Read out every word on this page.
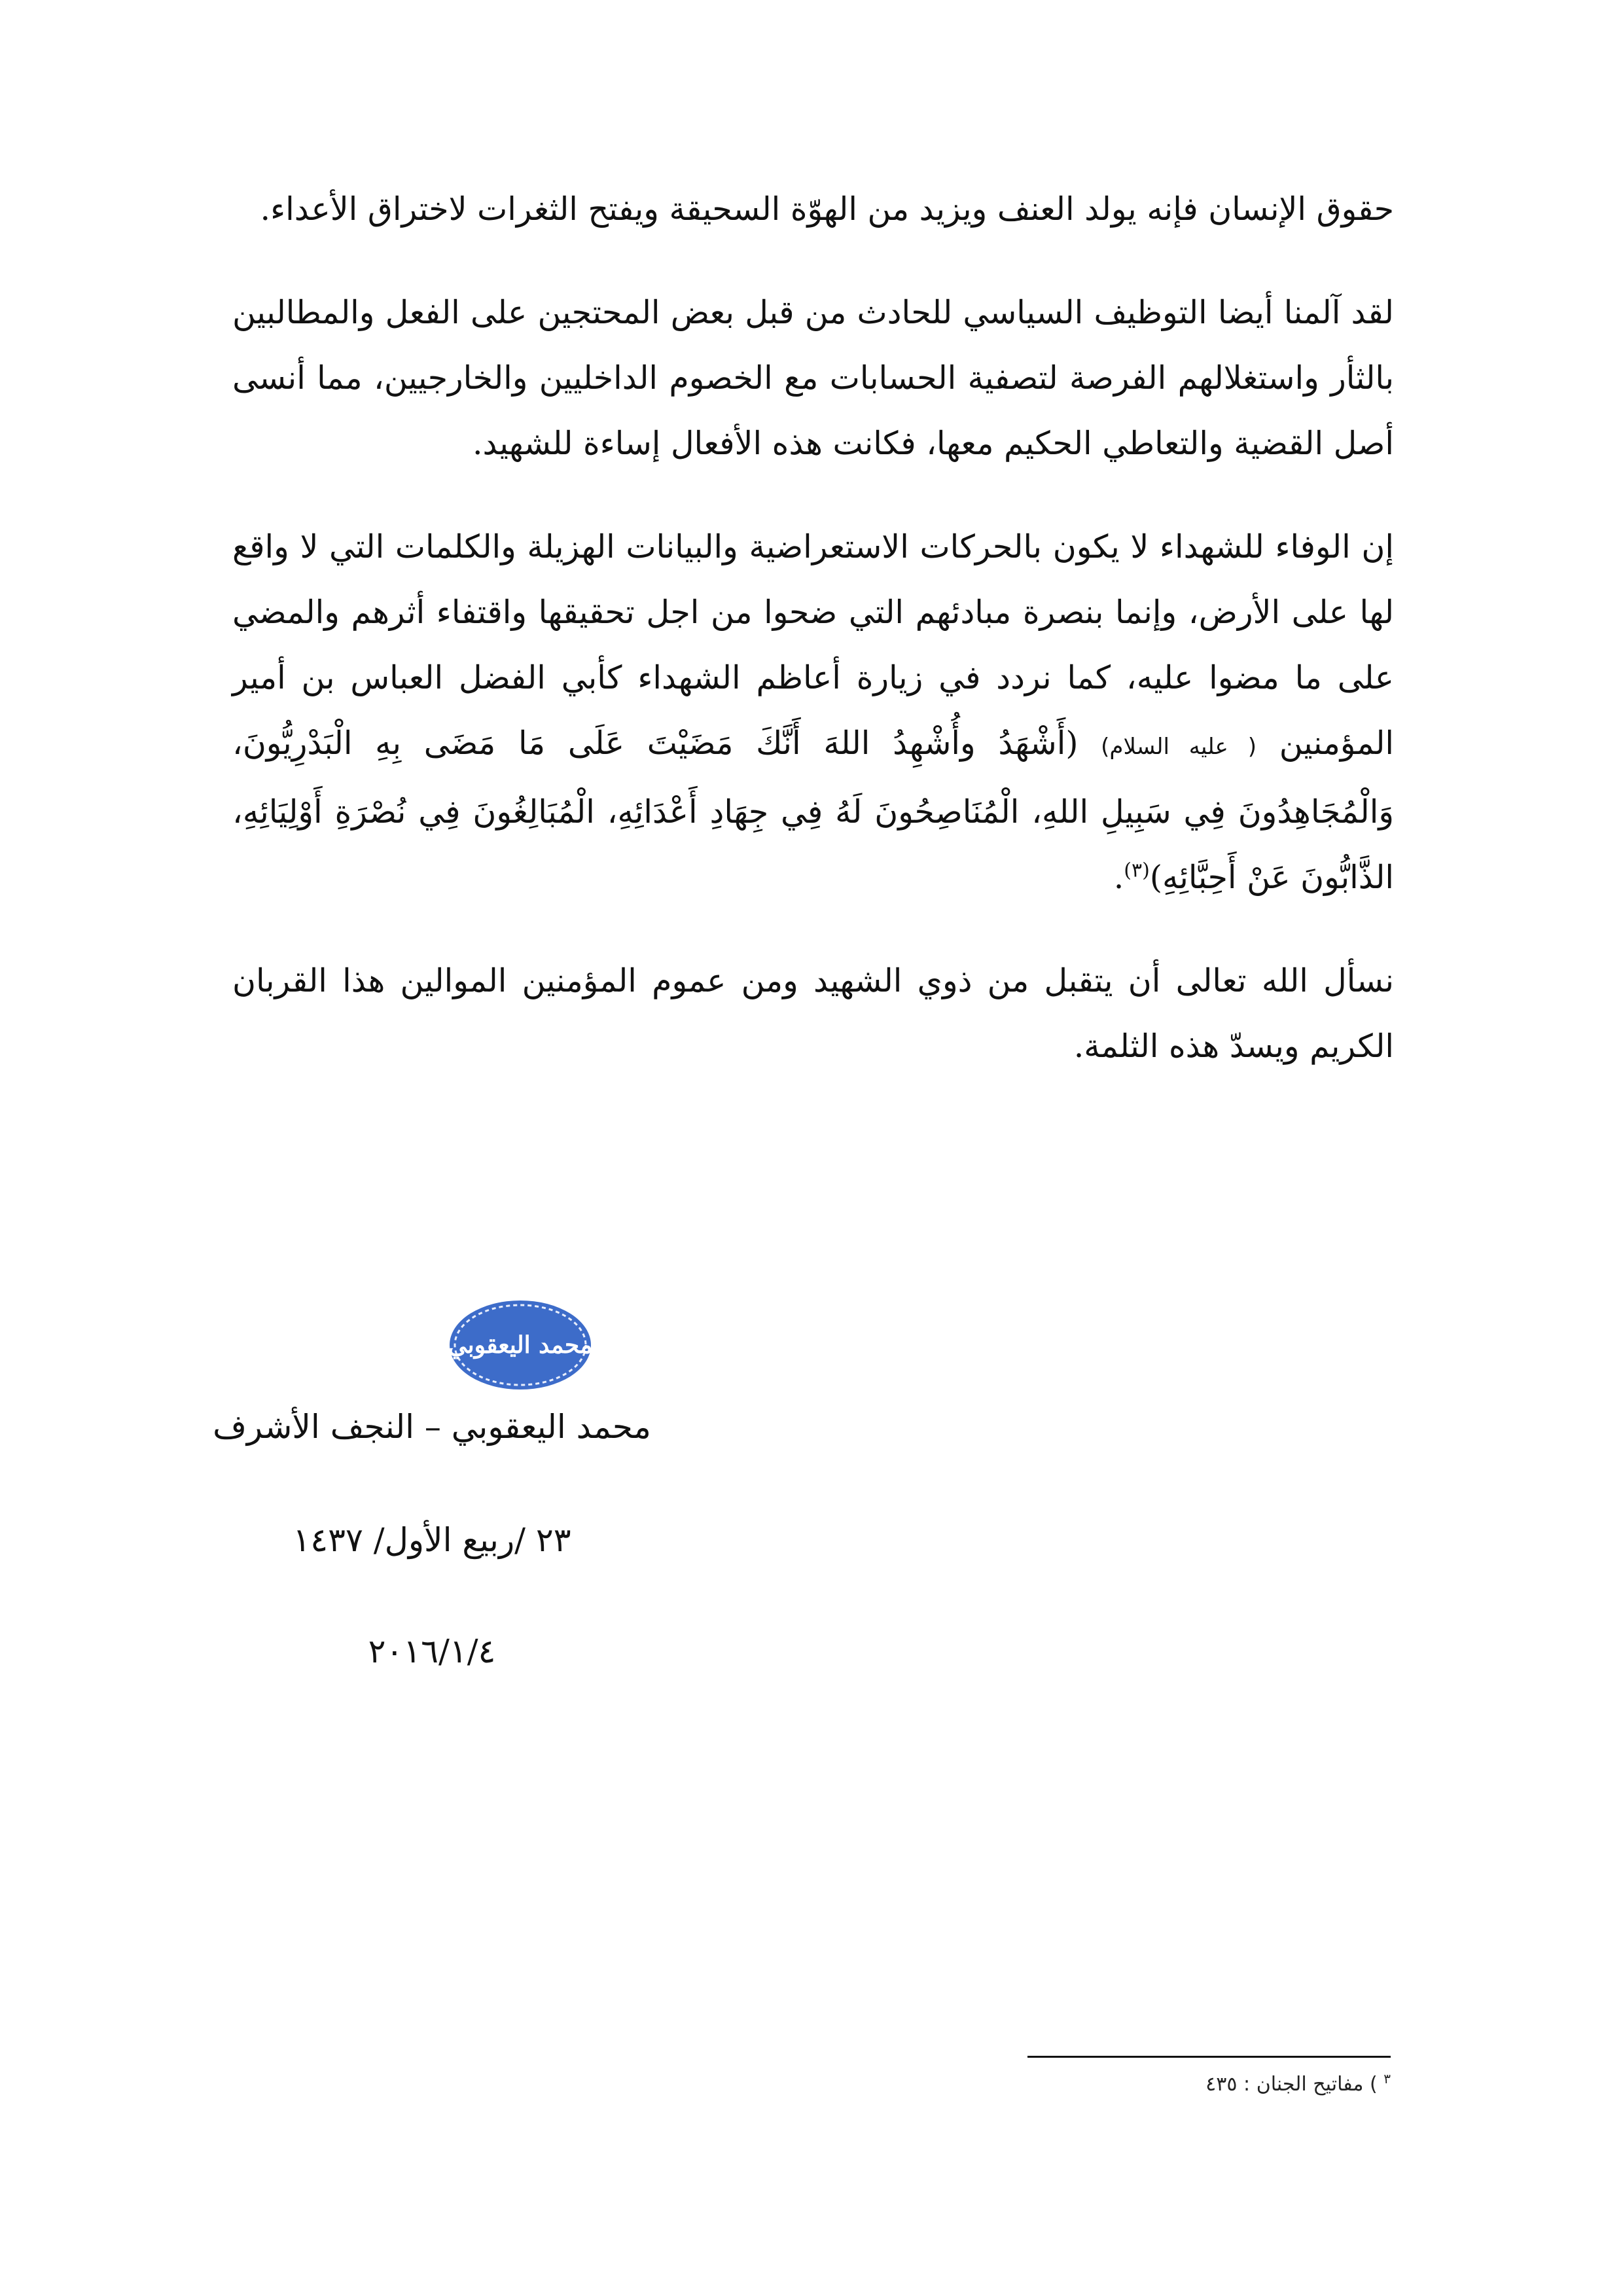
حقوق الإنسان فإنه يولد العنف ويزيد من الهوّة السحيقة ويفتح الثغرات لاختراق الأعداء.

لقد آلمنا أيضا التوظيف السياسي للحادث من قبل بعض المحتجين على الفعل والمطالبين بالثأر واستغلالهم الفرصة لتصفية الحسابات مع الخصوم الداخليين والخارجيين، مما أنسى أصل القضية والتعاطي الحكيم معها، فكانت هذه الأفعال إساءة للشهيد.

إن الوفاء للشهداء لا يكون بالحركات الاستعراضية والبيانات الهزيلة والكلمات التي لا واقع لها على الأرض، وإنما بنصرة مبادئهم التي ضحوا من اجل تحقيقها واقتفاء أثرهم والمضي على ما مضوا عليه، كما نردد في زيارة أعاظم الشهداء كأبي الفضل العباس بن أمير المؤمنين ( عليه السلام) (أَشْهَدُ وأُشْهِدُ اللهَ أَنَّكَ مَضَيْتَ عَلَى مَا مَضَى بِهِ الْبَدْرِيُّونَ، وَالْمُجَاهِدُونَ فِي سَبِيلِ اللهِ، الْمُنَاصِحُونَ لَهُ فِي جِهَادِ أَعْدَائِهِ، الْمُبَالِغُونَ فِي نُصْرَةِ أَوْلِيَائِهِ، الذَّابُّونَ عَنْ أَحِبَّائِهِ)$^{(٣)}$.

نسأل الله تعالى أن يتقبل من ذوي الشهيد ومن عموم المؤمنين الموالين هذا القربان الكريم ويسدّ هذه الثلمة.

محمد اليعقوبي
محمد اليعقوبي – النجف الأشرف
٢٣ /ربيع الأول/ ١٤٣٧
٢٠١٦/١/٤
$^٣$ ) مفاتيح الجنان : ٤٣٥
